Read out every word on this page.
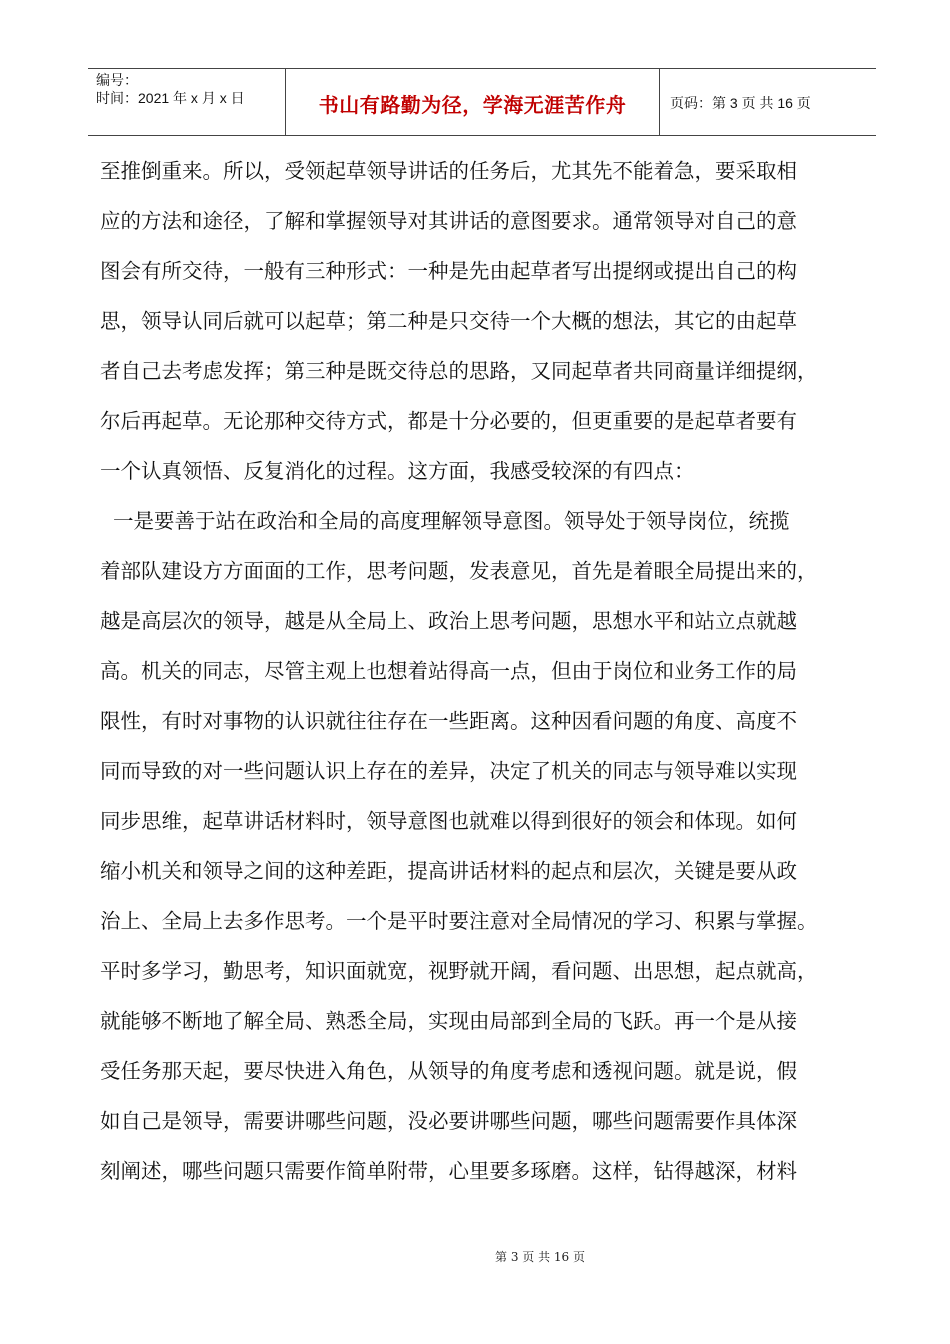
编号：
时间：2021 年 x 月 x 日	书山有路勤为径，学海无涯苦作舟	页码：第 3 页 共 16 页
至推倒重来。所以，受领起草领导讲话的任务后，尤其先不能着急，要采取相
应的方法和途径，了解和掌握领导对其讲话的意图要求。通常领导对自己的意
图会有所交待，一般有三种形式：一种是先由起草者写出提纲或提出自己的构
思，领导认同后就可以起草；第二种是只交待一个大概的想法，其它的由起草
者自己去考虑发挥；第三种是既交待总的思路，又同起草者共同商量详细提纲，
尔后再起草。无论那种交待方式，都是十分必要的，但更重要的是起草者要有
一个认真领悟、反复消化的过程。这方面，我感受较深的有四点：
一是要善于站在政治和全局的高度理解领导意图。领导处于领导岗位，统揽
着部队建设方方面面的工作，思考问题，发表意见，首先是着眼全局提出来的，
越是高层次的领导，越是从全局上、政治上思考问题，思想水平和站立点就越
高。机关的同志，尽管主观上也想着站得高一点，但由于岗位和业务工作的局
限性，有时对事物的认识就往往存在一些距离。这种因看问题的角度、高度不
同而导致的对一些问题认识上存在的差异，决定了机关的同志与领导难以实现
同步思维，起草讲话材料时，领导意图也就难以得到很好的领会和体现。如何
缩小机关和领导之间的这种差距，提高讲话材料的起点和层次，关键是要从政
治上、全局上去多作思考。一个是平时要注意对全局情况的学习、积累与掌握。
平时多学习，勤思考，知识面就宽，视野就开阔，看问题、出思想，起点就高，
就能够不断地了解全局、熟悉全局，实现由局部到全局的飞跃。再一个是从接
受任务那天起，要尽快进入角色，从领导的角度考虑和透视问题。就是说，假
如自己是领导，需要讲哪些问题，没必要讲哪些问题，哪些问题需要作具体深
刻阐述，哪些问题只需要作简单附带，心里要多琢磨。这样，钻得越深，材料
第 3 页 共 16 页
